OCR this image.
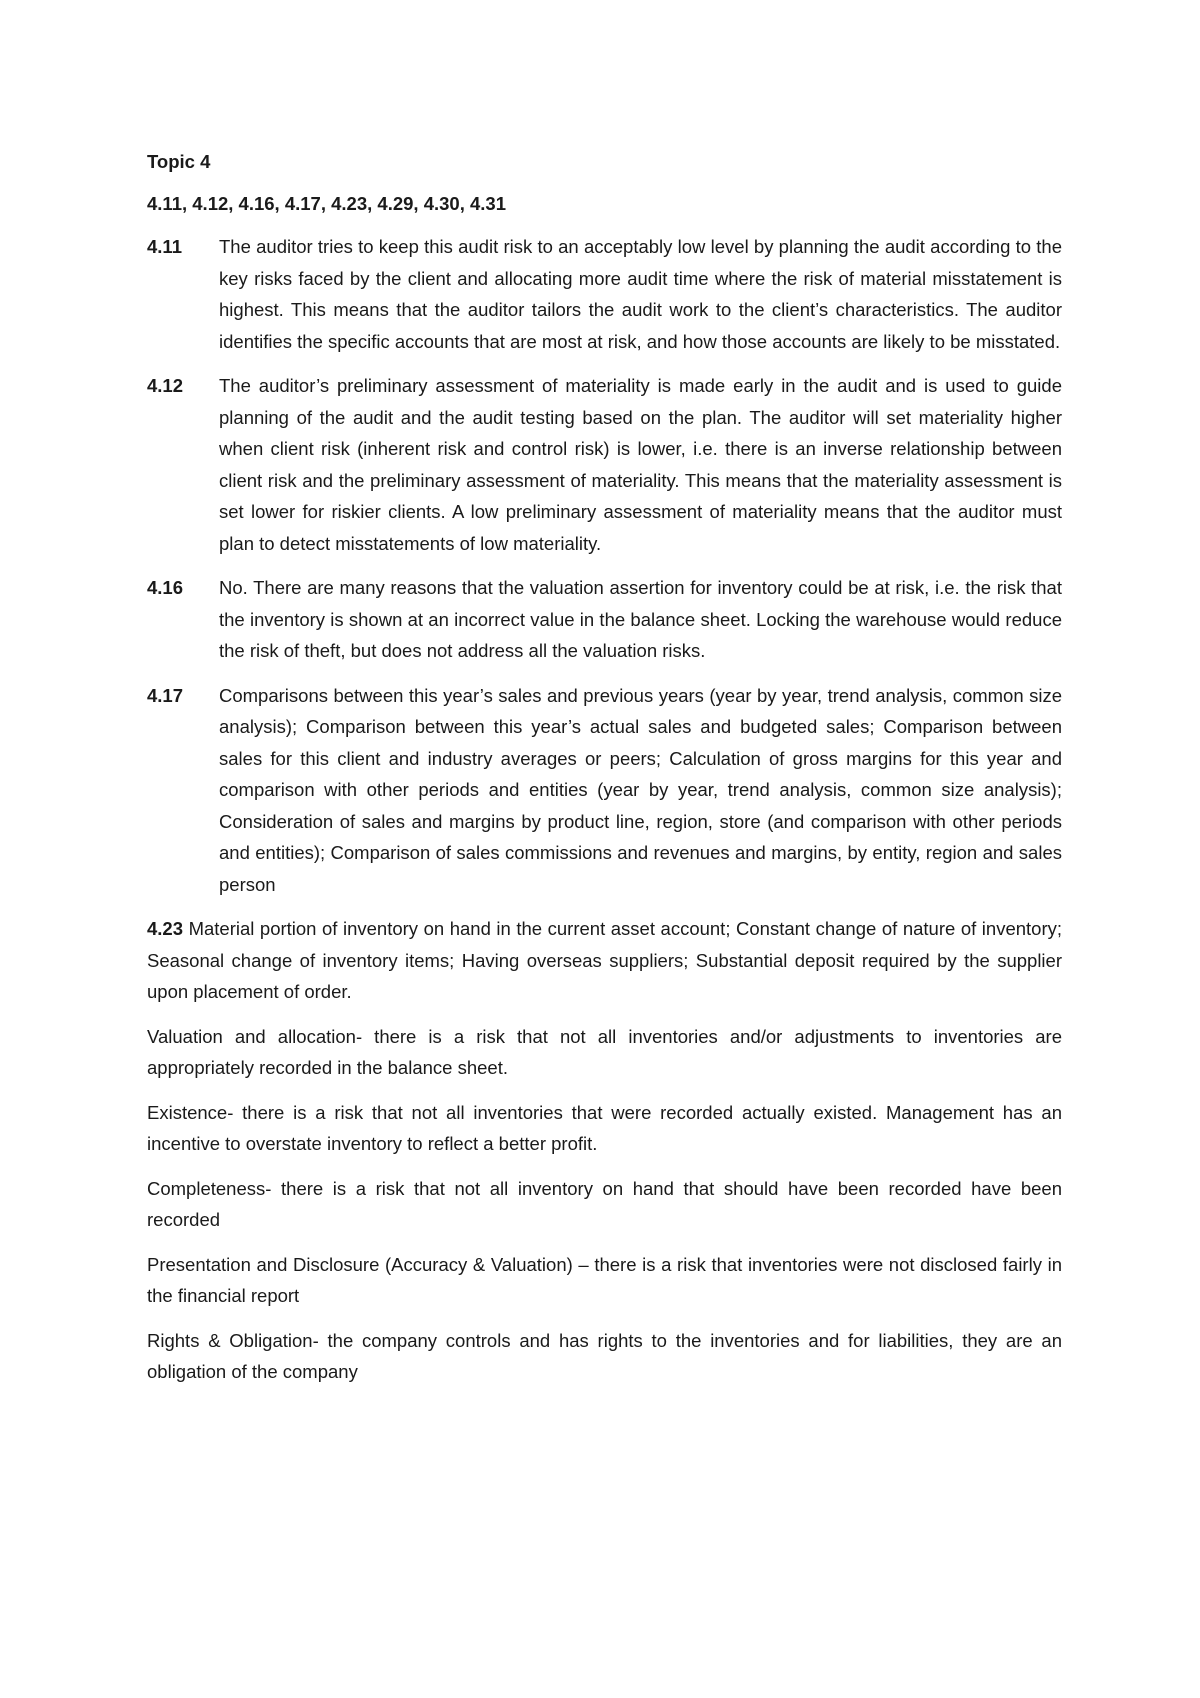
Topic 4
4.11, 4.12, 4.16, 4.17, 4.23, 4.29, 4.30, 4.31
4.11	The auditor tries to keep this audit risk to an acceptably low level by planning the audit according to the key risks faced by the client and allocating more audit time where the risk of material misstatement is highest. This means that the auditor tailors the audit work to the client’s characteristics. The auditor identifies the specific accounts that are most at risk, and how those accounts are likely to be misstated.
4.12	The auditor’s preliminary assessment of materiality is made early in the audit and is used to guide planning of the audit and the audit testing based on the plan. The auditor will set materiality higher when client risk (inherent risk and control risk) is lower, i.e. there is an inverse relationship between client risk and the preliminary assessment of materiality. This means that the materiality assessment is set lower for riskier clients. A low preliminary assessment of materiality means that the auditor must plan to detect misstatements of low materiality.
4.16	No. There are many reasons that the valuation assertion for inventory could be at risk, i.e. the risk that the inventory is shown at an incorrect value in the balance sheet. Locking the warehouse would reduce the risk of theft, but does not address all the valuation risks.
4.17	Comparisons between this year’s sales and previous years (year by year, trend analysis, common size analysis); Comparison between this year’s actual sales and budgeted sales; Comparison between sales for this client and industry averages or peers; Calculation of gross margins for this year and comparison with other periods and entities (year by year, trend analysis, common size analysis); Consideration of sales and margins by product line, region, store (and comparison with other periods and entities); Comparison of sales commissions and revenues and margins, by entity, region and sales person

4.23 Material portion of inventory on hand in the current asset account; Constant change of nature of inventory; Seasonal change of inventory items; Having overseas suppliers; Substantial deposit required by the supplier upon placement of order.

Valuation and allocation- there is a risk that not all inventories and/or adjustments to inventories are appropriately recorded in the balance sheet.

Existence- there is a risk that not all inventories that were recorded actually existed. Management has an incentive to overstate inventory to reflect a better profit.

Completeness- there is a risk that not all inventory on hand that should have been recorded have been recorded

Presentation and Disclosure (Accuracy & Valuation) – there is a risk that inventories were not disclosed fairly in the financial report

Rights & Obligation- the company controls and has rights to the inventories and for liabilities, they are an obligation of the company
